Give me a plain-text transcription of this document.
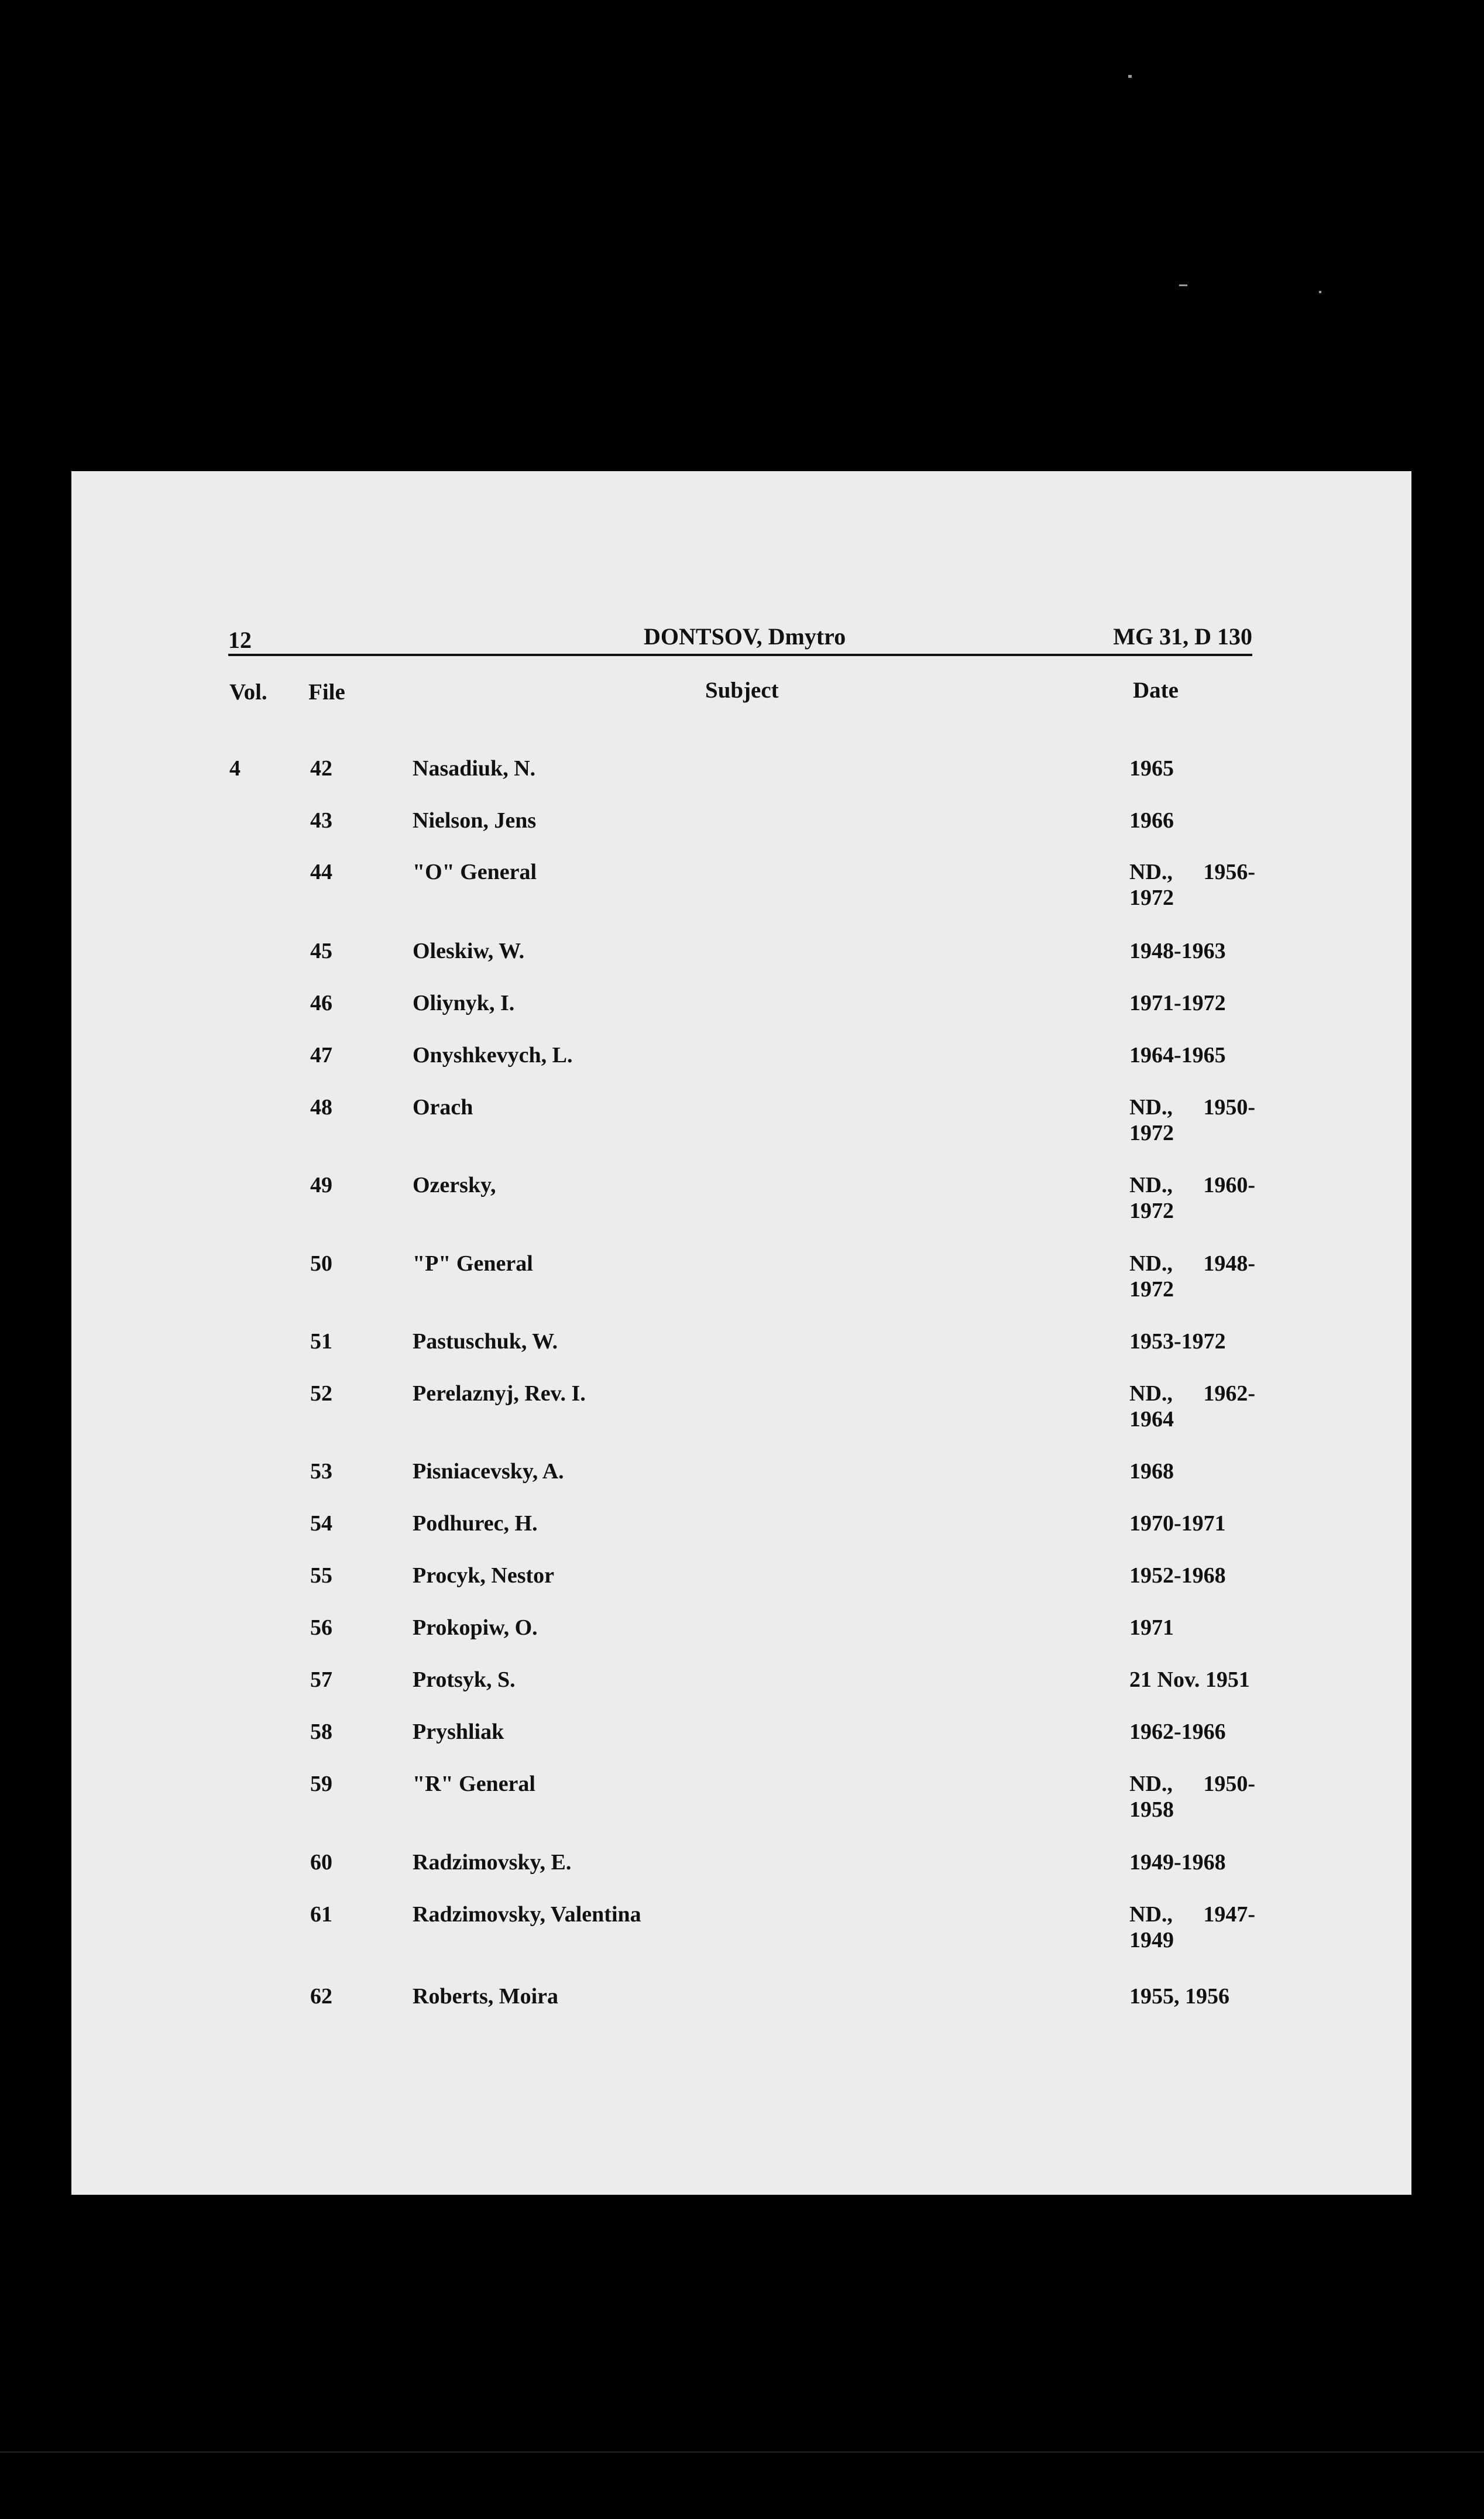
12	DONTSOV, Dmytro	MG 31, D 130
Vol. File	Subject	Date
4	42	Nasadiuk, N.	1965
43	Nielson, Jens	1966
44	"O" General	ND., 1956-
1972
45	Oleskiw, W.	1948-1963
46	Oliynyk, I.	1971-1972
47	Onyshkevych, L.	1964-1965
48	Orach	ND., 1950-
1972
49	Ozersky,	ND., 1960-
1972
50	"P" General	ND., 1948-
1972
51	Pastuschuk, W.	1953-1972
52	Perelaznyj, Rev. I.	ND., 1962-
1964
53	Pisniacevsky, A.	1968
54	Podhurec, H.	1970-1971
55	Procyk, Nestor	1952-1968
56	Prokopiw, O.	1971
57	Protsyk, S.	21 Nov. 1951
58	Pryshliak	1962-1966
59	"R" General	ND., 1950-
1958
60	Radzimovsky, E.	1949-1968
61	Radzimovsky, Valentina	ND., 1947-
1949
62	Roberts, Moira	1955, 1956
